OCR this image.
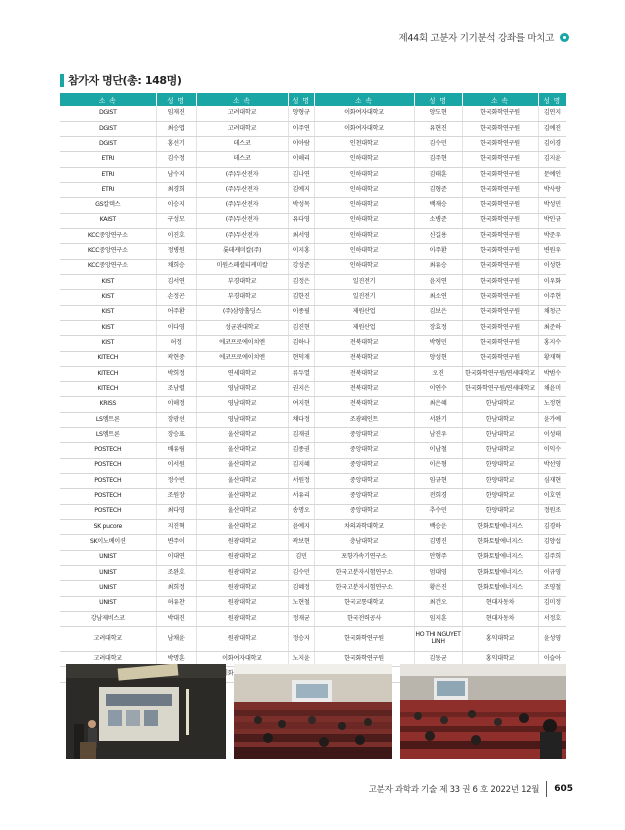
제44회 고분자 기기분석 강좌를 마치고
참가자 명단(총: 148명)
소 속	성 명	소 속	성 명	소 속	성 명	소 속	성 명
DGIST	임재진	고려대학교	양형규	이화여자대학교	양도현	한국화학연구원	김연지
DGIST	최승엽	고려대학교	이주연	이화여자대학교	유현진	한국화학연구원	김예진
DGIST	홍선기	데스코	이아람	인천대학교	김수민	한국화학연구원	김이경
ETRI	김수정	데스코	이해리	인하대학교	김주현	한국화학연구원	김지윤
ETRI	남수지	(주)두산전자	김나연	인하대학교	김태훈	한국화학연구원	문예인
ETRI	최경희	(주)두산전자	김예지	인하대학교	김형준	한국화학연구원	박사랑
GS칼텍스	이승지	(주)두산전자	박성목	인하대학교	백재승	한국화학연구원	박성민
KAIST	구성모	(주)두산전자	유다영	인하대학교	소병준	한국화학연구원	박인규
KCC중앙연구소	이진호	(주)두산전자	최서영	인하대학교	신길용	한국화학연구원	박준우
KCC중앙연구소	정병원	롯데케미칼(주)	이지홍	인하대학교	이주환	한국화학연구원	변원우
KCC중앙연구소	채희승	미원스페셜티케미칼	강성준	인하대학교	최유승	한국화학연구원	이성한
KIST	김서연	부경대학교	김정은	일진전기	윤지연	한국화학연구원	이우화
KIST	손정곤	부경대학교	김한진	일진전기	최소연	한국화학연구원	이주현
KIST	어주환	(주)삼양홀딩스	이종필	제원산업	김보은	한국화학연구원	채청근
KIST	이다영	성균관대학교	김진현	제원산업	장효정	한국화학연구원	최준하
KIST	허정	에코프로에이치엔	김하나	전북대학교	박형민	한국화학연구원	홍지수
KITECH	곽현중	에코프로에이치엔	현덕재	전북대학교	양성현	한국화학연구원	황재혁
KITECH	박희정	연세대학교	류두열	전북대학교	오진	한국화학연구원/연세대학교	박범수
KITECH	조남렬	영남대학교	권지은	전북대학교	이연수	한국화학연구원/연세대학교	채윤미
KRISS	이해정	영남대학교	여지현	전북대학교	최은혜	한남대학교	노정현
LS엠트론	장광선	영남대학교	채다정	조광페인트	서완기	한남대학교	윤가예
LS엠트론	장승표	울산대학교	김재권	중앙대학교	남진우	한남대학교	이성태
POSTECH	배유림	울산대학교	김종권	중앙대학교	이남철	한남대학교	이익수
POSTECH	이서원	울산대학교	김지혜	중앙대학교	이은형	한양대학교	박선영
POSTECH	정수빈	울산대학교	서원정	중앙대학교	임규현	한양대학교	심재현
POSTECH	조원장	울산대학교	서유리	중앙대학교	전희경	한양대학교	이호연
POSTECH	최다영	울산대학교	송명오	중앙대학교	추수민	한양대학교	정원조
SK pucore	지진혁	울산대학교	윤예지	차의과학대학교	백승운	한화토탈에너지스	김경하
SK이노베이션	변주이	원광대학교	곽보현	충남대학교	김명진	한화토탈에너지스	김양섭
UNIST	이대연	원광대학교	김민	포항가속기연구소	안형주	한화토탈에너지스	김주희
UNIST	조완호	원광대학교	김수민	한국고분자시험연구소	엄대영	한화토탈에너지스	이규영
UNIST	최희정	원광대학교	김혜정	한국고분자시험연구소	황은진	한화토탈에너지스	조영철
UNIST	허유찬	원광대학교	노현철	한국교통대학교	최건오	현대자동차	김미정
강남제비스코	박대진	원광대학교	정재균	한국전력공사	임지훈	현대자동차	서정호
고려대학교	남채윤	원광대학교	정승지	한국화학연구원	HO THI NGUYET LINH	홍익대학교	윤성영
고려대학교	박명훈	이화여자대학교	노지윤	한국화학연구원	김동균	홍익대학교	이슬아

고분자 과학과 기술 제 33 권 6 호 2022년 12월 605
